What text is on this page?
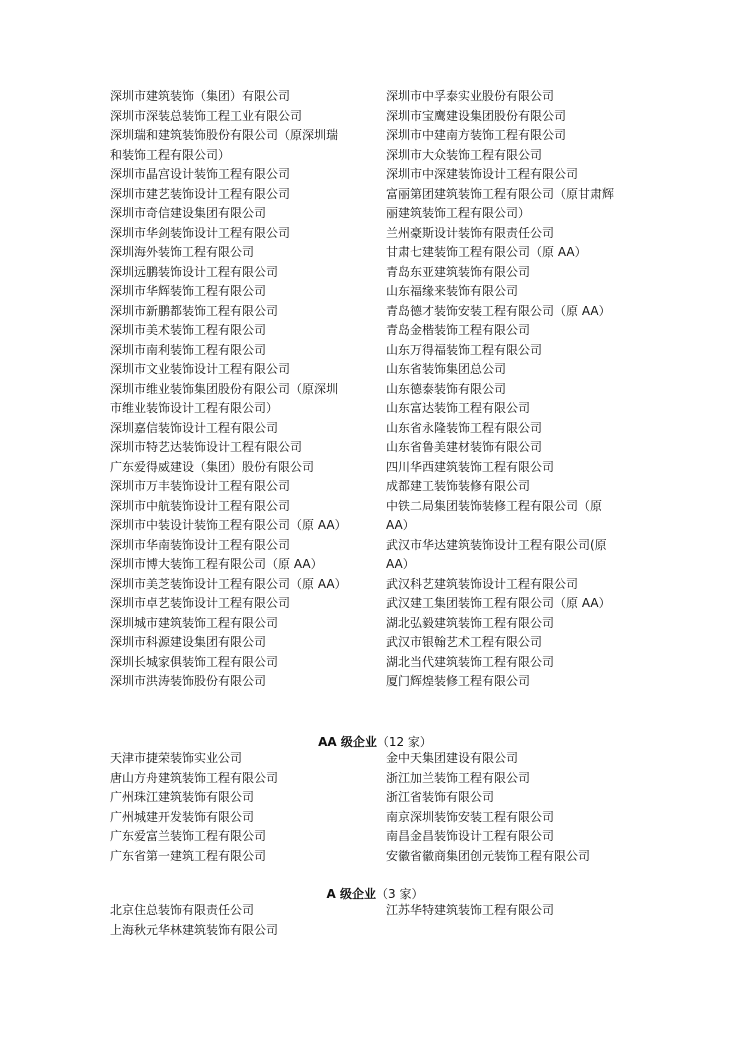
深圳市建筑装饰（集团）有限公司
深圳市深装总装饰工程工业有限公司
深圳瑞和建筑装饰股份有限公司（原深圳瑞
和装饰工程有限公司）
深圳市晶宫设计装饰工程有限公司
深圳市建艺装饰设计工程有限公司
深圳市奇信建设集团有限公司
深圳市华剑装饰设计工程有限公司
深圳海外装饰工程有限公司
深圳远鹏装饰设计工程有限公司
深圳市华辉装饰工程有限公司
深圳市新鹏都装饰工程有限公司
深圳市美术装饰工程有限公司
深圳市南利装饰工程有限公司
深圳市文业装饰设计工程有限公司
深圳市维业装饰集团股份有限公司（原深圳
市维业装饰设计工程有限公司）
深圳嘉信装饰设计工程有限公司
深圳市特艺达装饰设计工程有限公司
广东爱得威建设（集团）股份有限公司
深圳市万丰装饰设计工程有限公司
深圳市中航装饰设计工程有限公司
深圳市中装设计装饰工程有限公司（原 AA）
深圳市华南装饰设计工程有限公司
深圳市博大装饰工程有限公司（原 AA）
深圳市美芝装饰设计工程有限公司（原 AA）
深圳市卓艺装饰设计工程有限公司
深圳城市建筑装饰工程有限公司
深圳市科源建设集团有限公司
深圳长城家俱装饰工程有限公司
深圳市洪涛装饰股份有限公司
深圳市中孚泰实业股份有限公司
深圳市宝鹰建设集团股份有限公司
深圳市中建南方装饰工程有限公司
深圳市大众装饰工程有限公司
深圳市中深建装饰设计工程有限公司
富丽第团建筑装饰工程有限公司（原甘肃辉
丽建筑装饰工程有限公司）
兰州豪斯设计装饰有限责任公司
甘肃七建装饰工程有限公司（原 AA）
青岛东亚建筑装饰有限公司
山东福缘来装饰有限公司
青岛德才装饰安装工程有限公司（原 AA）
青岛金楷装饰工程有限公司
山东万得福装饰工程有限公司
山东省装饰集团总公司
山东德泰装饰有限公司
山东富达装饰工程有限公司
山东省永隆装饰工程有限公司
山东省鲁美建材装饰有限公司
四川华西建筑装饰工程有限公司
成都建工装饰装修有限公司
中铁二局集团装饰装修工程有限公司（原
AA）
武汉市华达建筑装饰设计工程有限公司(原
AA）
武汉科艺建筑装饰设计工程有限公司
武汉建工集团装饰工程有限公司（原 AA）
湖北弘毅建筑装饰工程有限公司
武汉市银翰艺术工程有限公司
湖北当代建筑装饰工程有限公司
厦门辉煌装修工程有限公司
AA 级企业（12 家）
天津市捷荣装饰实业公司
唐山方舟建筑装饰工程有限公司
广州珠江建筑装饰有限公司
广州城建开发装饰有限公司
广东爱富兰装饰工程有限公司
广东省第一建筑工程有限公司
金中天集团建设有限公司
浙江加兰装饰工程有限公司
浙江省装饰有限公司
南京深圳装饰安装工程有限公司
南昌金昌装饰设计工程有限公司
安徽省徽商集团创元装饰工程有限公司
A 级企业（3 家）
北京住总装饰有限责任公司
上海秋元华林建筑装饰有限公司
江苏华特建筑装饰工程有限公司
